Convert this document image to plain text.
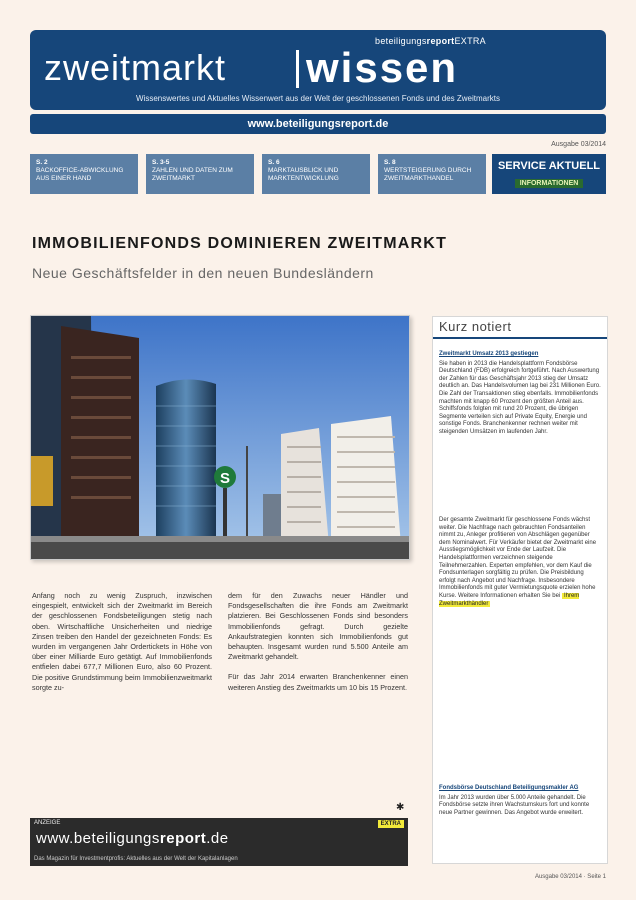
beteiligungsreportEXTRA
zweitmarkt wissen
Wissenswertes und Aktuelles Wissenwert aus der Welt der geschlossenen Fonds und des Zweitmarkts
www.beteiligungsreport.de
Ausgabe 03/2014
S. 2
BACKOFFICE-ABWICKLUNG AUS EINER HAND
S. 3-5
ZAHLEN UND DATEN ZUM ZWEITMARKT
S. 6
MARKTAUSBLICK UND MARKTENTWICKLUNG
S. 8
WERTSTEIGERUNG DURCH ZWEITMARKTHANDEL
SERVICE AKTUELL
INFORMATIONEN
IMMOBILIENFONDS DOMINIEREN ZWEITMARKT
Neue Geschäftsfelder in den neuen Bundesländern
S

Anfang noch zu wenig Zuspruch, inzwischen eingespielt, entwickelt sich der Zweitmarkt im Bereich der geschlossenen Fondsbeteiligungen stetig nach oben. Wirtschaftliche Unsicherheiten und niedrige Zinsen treiben den Handel der gezeichneten Fonds: Es wurden im vergangenen Jahr Ordertickets in Höhe von über einer Milliarde Euro getätigt. Auf Immobilienfonds entfielen dabei 677,7 Millionen Euro, also 60 Prozent. Die positive Grundstimmung beim Immobilienzweitmarkt sorgte zu-

dem für den Zuwachs neuer Händler und Fondsgesellschaften die ihre Fonds am Zweitmarkt platzieren. Bei Geschlossenen Fonds sind besonders Immobilienfonds gefragt. Durch gezielte Ankaufstrategien konnten sich Immobilienfonds gut behaupten. Insgesamt wurden rund 5.500 Anteile am Zweitmarkt gehandelt.

Für das Jahr 2014 erwarten Branchenkenner einen weiteren Anstieg des Zweitmarkts um 10 bis 15 Prozent.

✱
ANZEIGE	EXTRA
www.beteiligungsreport.de
Das Magazin für Investmentprofis: Aktuelles aus der Welt der Kapitalanlagen
Kurz notiert
Zweitmarkt Umsatz 2013 gestiegen
Sie haben in 2013 die Handelsplattform Fondsbörse Deutschland (FDB) erfolgreich fortgeführt. Nach Auswertung der Zahlen für das Geschäftsjahr 2013 stieg der Umsatz deutlich an. Das Handelsvolumen lag bei 231 Millionen Euro. Die Zahl der Transaktionen stieg ebenfalls. Immobilienfonds machten mit knapp 60 Prozent den größten Anteil aus. Schiffsfonds folgten mit rund 20 Prozent, die übrigen Segmente verteilen sich auf Private Equity, Energie und sonstige Fonds. Branchenkenner rechnen weiter mit steigenden Umsätzen im laufenden Jahr.
Der gesamte Zweitmarkt für geschlossene Fonds wächst weiter. Die Nachfrage nach gebrauchten Fondsanteilen nimmt zu, Anleger profitieren von Abschlägen gegenüber dem Nominalwert. Für Verkäufer bietet der Zweitmarkt eine Ausstiegsmöglichkeit vor Ende der Laufzeit. Die Handelsplattformen verzeichnen steigende Teilnehmerzahlen. Experten empfehlen, vor dem Kauf die Fondsunterlagen sorgfältig zu prüfen. Die Preisbildung erfolgt nach Angebot und Nachfrage. Insbesondere Immobilienfonds mit guter Vermietungsquote erzielen hohe Kurse. Weitere Informationen erhalten Sie bei Ihrem Zweitmarkthändler
Fondsbörse Deutschland Beteiligungsmakler AG
Im Jahr 2013 wurden über 5.000 Anteile gehandelt. Die Fondsbörse setzte ihren Wachstumskurs fort und konnte neue Partner gewinnen. Das Angebot wurde erweitert.
Ausgabe 03/2014 · Seite 1
